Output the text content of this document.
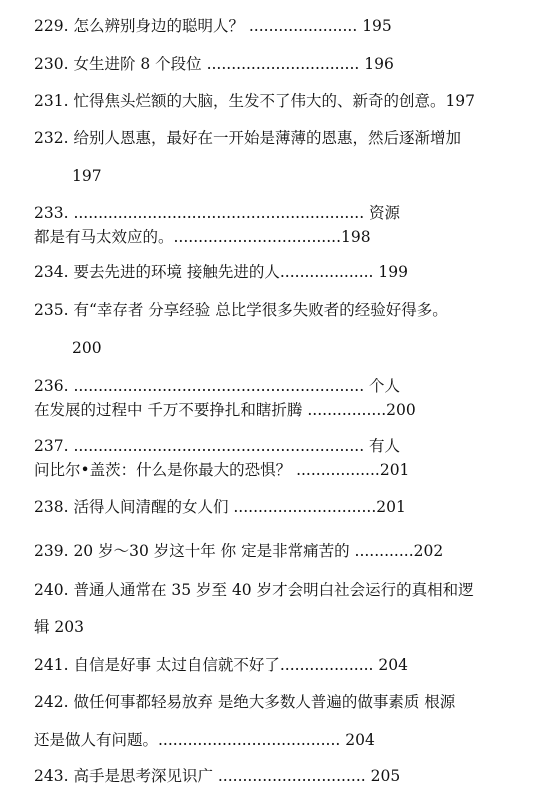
229. 怎么辨别身边的聪明人？ ...................... 195
230. 女生进阶 8 个段位 ............................... 196
231. 忙得焦头烂额的大脑，生发不了伟大的、新奇的创意。197
232. 给别人恩惠，最好在一开始是薄薄的恩惠，然后逐渐增加
197
233. ........................................................... 资源
都是有马太效应的。..................................198
234. 要去先进的环境 接触先进的人................... 199
235. 有“幸存者 分享经验 总比学很多失败者的经验好得多。
200
236. ........................................................... 个人
在发展的过程中 千万不要挣扎和瞎折腾 ................200
237. ........................................................... 有人
问比尔•盖茨：什么是你最大的恐惧？ .................201
238. 活得人间清醒的女人们 .............................201
239. 20 岁〜30 岁这十年 你 定是非常痛苦的 ............202
240. 普通人通常在 35 岁至 40 岁才会明白社会运行的真相和逻
辑 203
241. 自信是好事 太过自信就不好了................... 204
242. 做任何事都轻易放弃 是绝大多数人普遍的做事素质 根源
还是做人有问题。..................................... 204
243. 高手是思考深见识广 .............................. 205
